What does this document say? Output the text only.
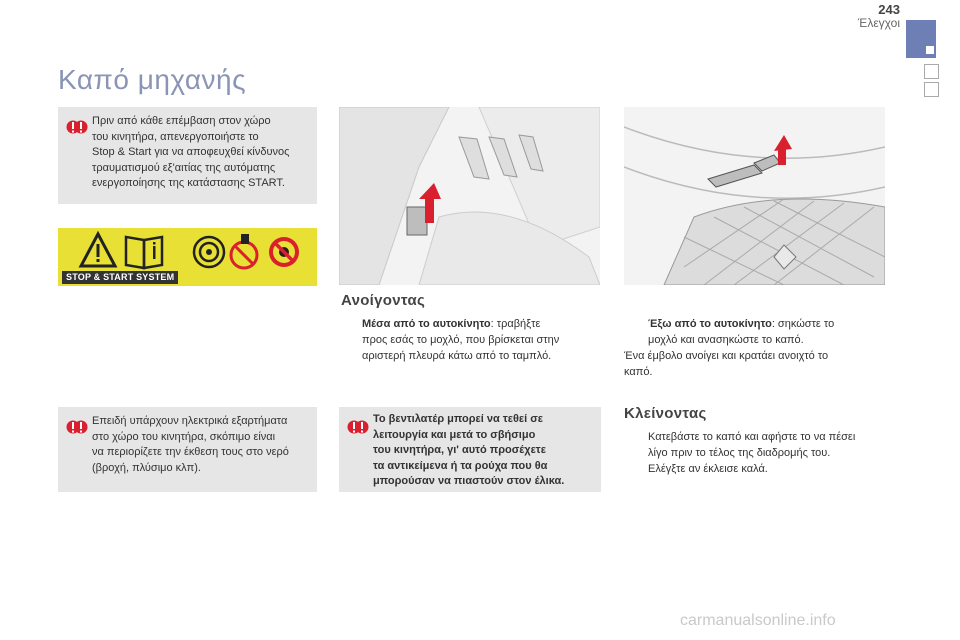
243
Έλεγχοι
Καπό μηχανής
Πριν από κάθε επέμβαση στον χώρο
του κινητήρα, απενεργοποιήστε το
Stop & Start για να αποφευχθεί κίνδυνος
τραυματισμού εξ'αιτίας της αυτόματης
ενεργοποίησης της κατάστασης START.
STOP & START SYSTEM
Ανοίγοντας
Μέσα από το αυτοκίνητο: τραβήξτε
προς εσάς το μοχλό, που βρίσκεται στην
αριστερή πλευρά κάτω από το ταμπλό.
Έξω από το αυτοκίνητο: σηκώστε το
μοχλό και ανασηκώστε το καπό.
Ένα έμβολο ανοίγει και κρατάει ανοιχτό το
καπό.
Επειδή υπάρχουν ηλεκτρικά εξαρτήματα
στο χώρο του κινητήρα, σκόπιμο είναι
να περιορίζετε την έκθεση τους στο νερό
(βροχή, πλύσιμο κλπ).
Το βεντιλατέρ μπορεί να τεθεί σε
λειτουργία και μετά το σβήσιμο
του κινητήρα, γι' αυτό προσέχετε
τα αντικείμενα ή τα ρούχα που θα
μπορούσαν να πιαστούν στον έλικα.
Κλείνοντας
Κατεβάστε το καπό και αφήστε το να πέσει
λίγο πριν το τέλος της διαδρομής του.
Ελέγξτε αν έκλεισε καλά.
carmanualsonline.info
